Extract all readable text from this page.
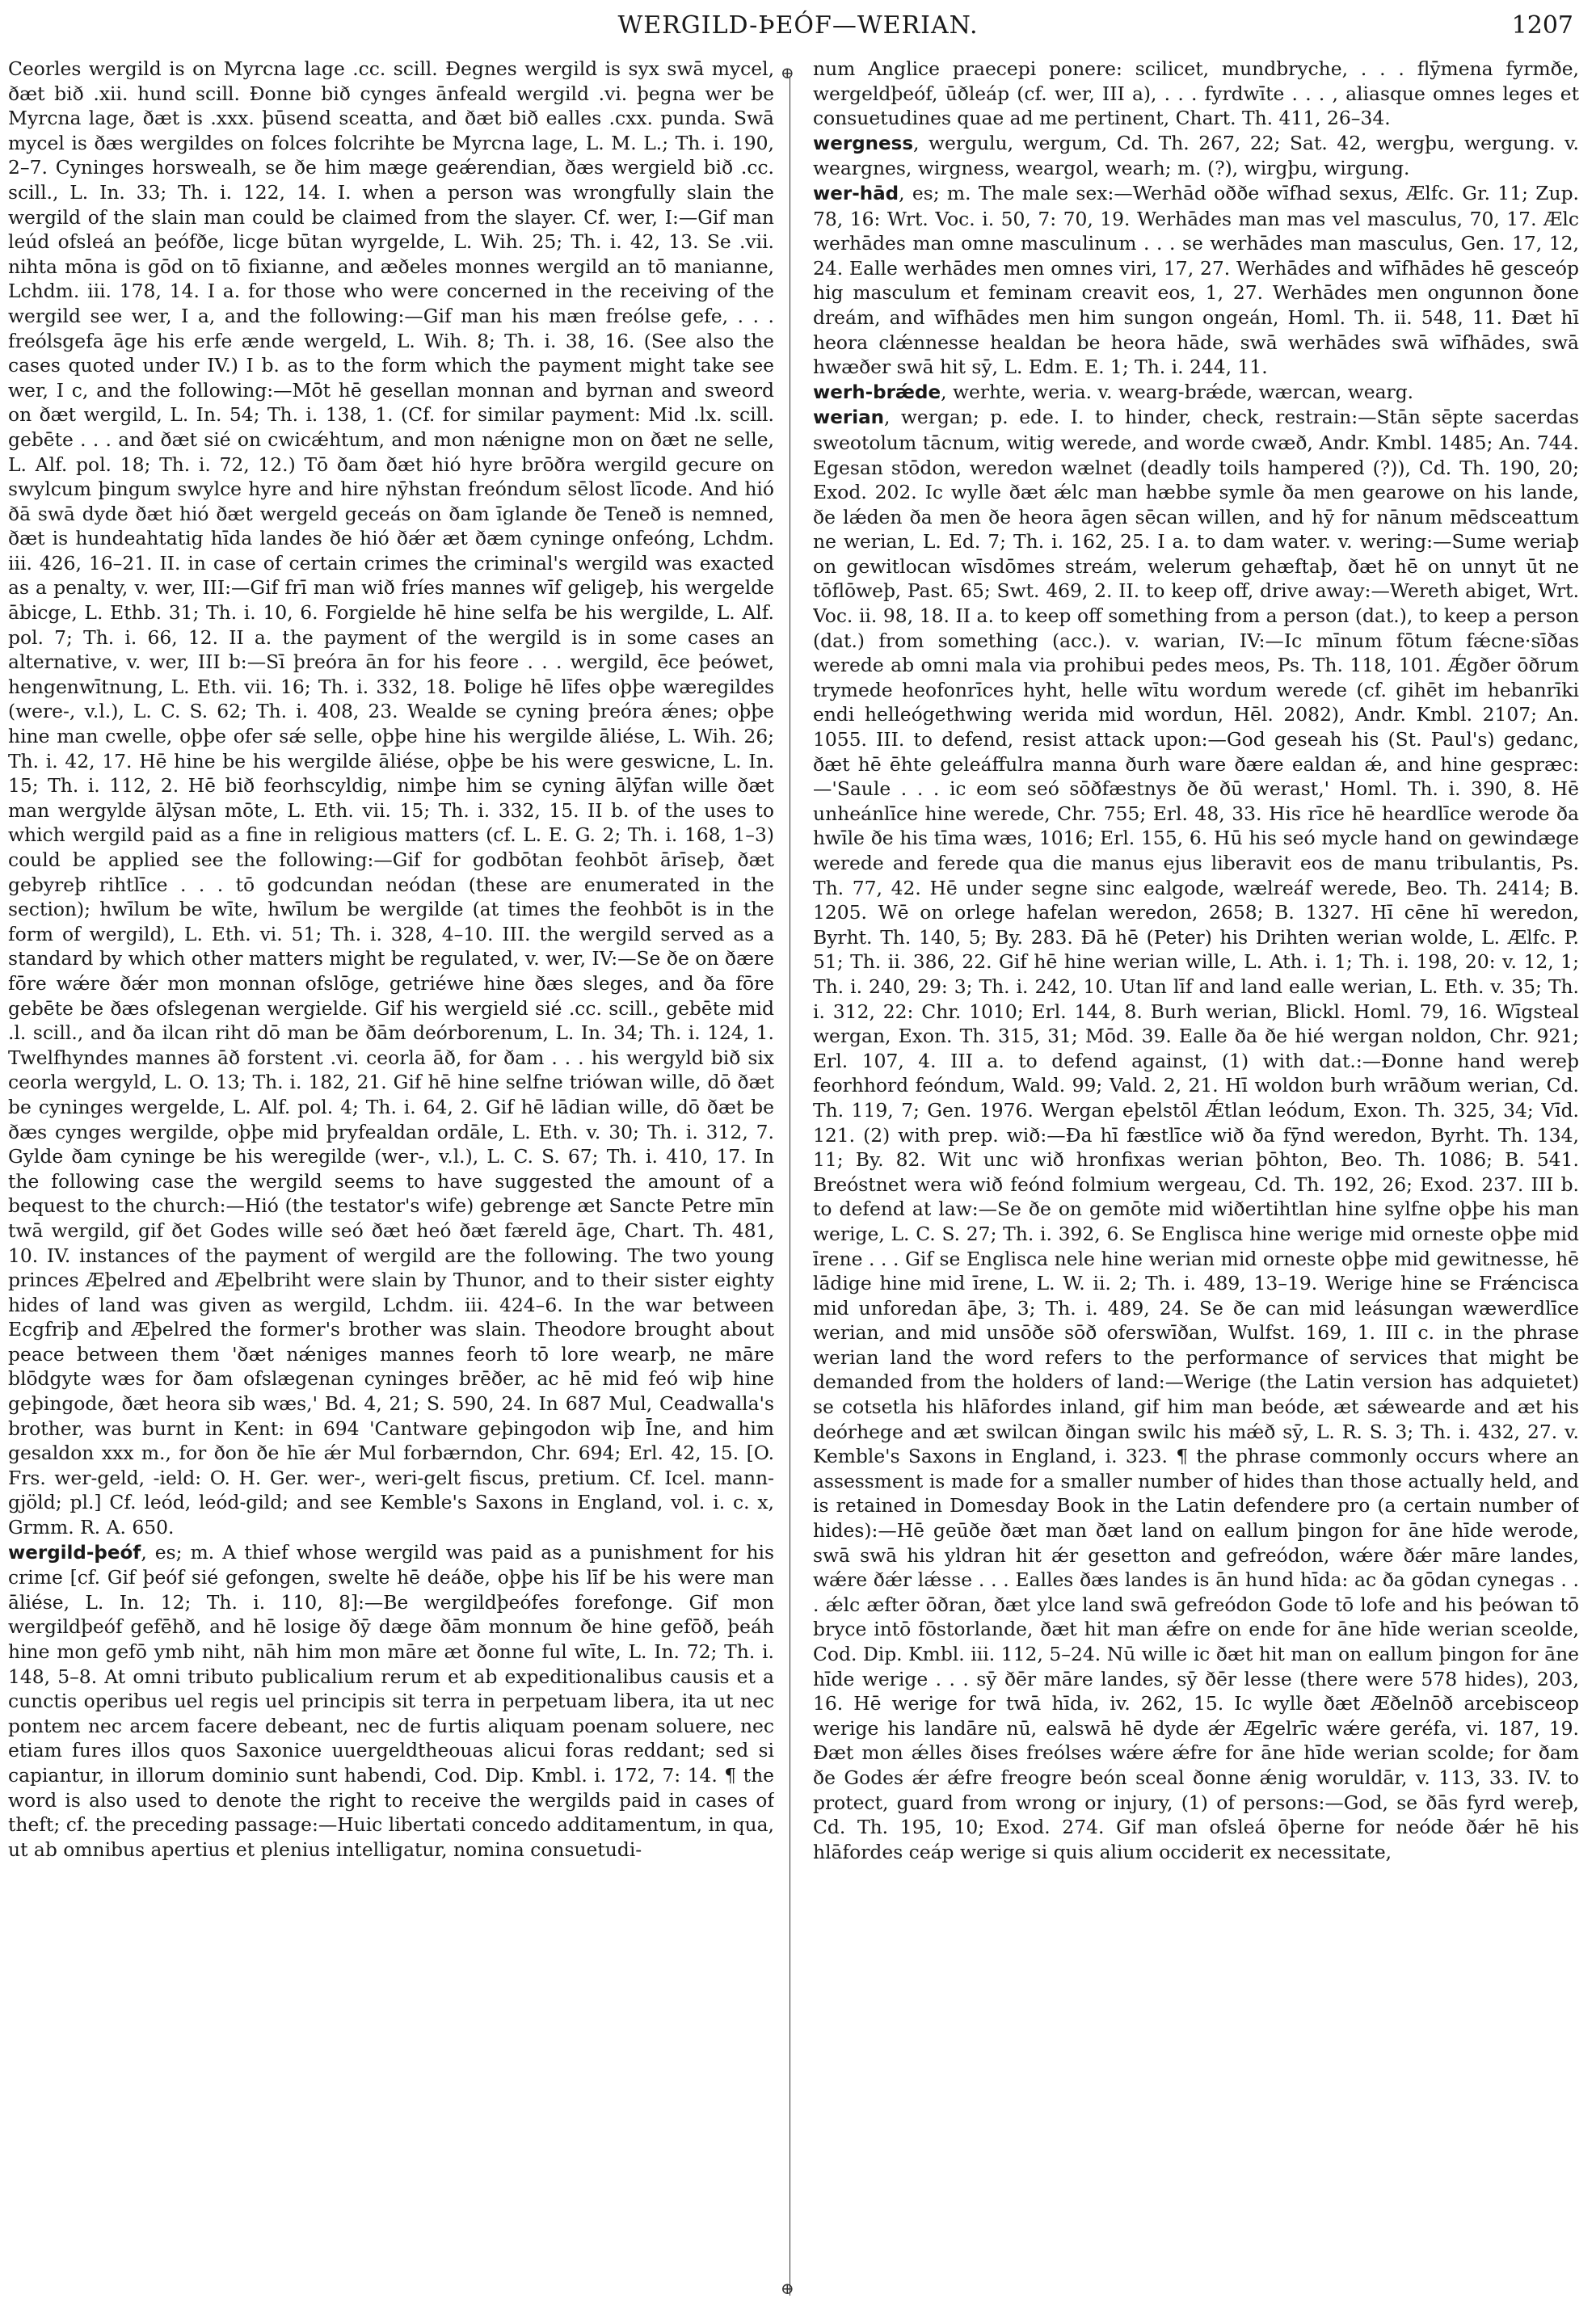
WERGILD-ÞEÓF—WERIAN.	1207

Ceorles wergild is on Myrcna lage .cc. scill. Ðegnes wergild is syx swā mycel, ðæt bið .xii. hund scill. Ðonne bið cynges ānfeald wergild .vi. þegna wer be Myrcna lage, ðæt is .xxx. þūsend sceatta, and ðæt bið ealles .cxx. punda. Swā mycel is ðæs wergildes on folces folcrihte be Myrcna lage, L. M. L.; Th. i. 190, 2–7. Cyninges horswealh, se ðe him mæge geǽrendian, ðæs wergield bið .cc. scill., L. In. 33; Th. i. 122, 14. I. when a person was wrongfully slain the wergild of the slain man could be claimed from the slayer. Cf. wer, I:—Gif man leúd ofsleá an þeófðe, licge būtan wyrgelde, L. Wih. 25; Th. i. 42, 13. Se .vii. nihta mōna is gōd on tō fixianne, and æðeles monnes wergild an tō manianne, Lchdm. iii. 178, 14. I a. for those who were concerned in the receiving of the wergild see wer, I a, and the following:—Gif man his mæn freólse gefe, . . . freólsgefa āge his erfe ænde wergeld, L. Wih. 8; Th. i. 38, 16. (See also the cases quoted under IV.) I b. as to the form which the payment might take see wer, I c, and the following:—Mōt hē gesellan monnan and byrnan and sweord on ðæt wergild, L. In. 54; Th. i. 138, 1. (Cf. for similar payment: Mid .lx. scill. gebēte . . . and ðæt sié on cwicǽhtum, and mon nǽnigne mon on ðæt ne selle, L. Alf. pol. 18; Th. i. 72, 12.) Tō ðam ðæt hió hyre brōðra wergild gecure on swylcum þingum swylce hyre and hire nȳhstan freóndum sēlost līcode. And hió ðā swā dyde ðæt hió ðæt wergeld geceás on ðam īglande ðe Teneð is nemned, ðæt is hundeahtatig hīda landes ðe hió ðǽr æt ðæm cyninge onfeóng, Lchdm. iii. 426, 16–21. II. in case of certain crimes the criminal's wergild was exacted as a penalty, v. wer, III:—Gif frī man wið fríes mannes wīf geligeþ, his wergelde ābicge, L. Ethb. 31; Th. i. 10, 6. Forgielde hē hine selfa be his wergilde, L. Alf. pol. 7; Th. i. 66, 12. II a. the payment of the wergild is in some cases an alternative, v. wer, III b:—Sī þreóra ān for his feore . . . wergild, ēce þeówet, hengenwītnung, L. Eth. vii. 16; Th. i. 332, 18. Þolige hē līfes oþþe wæregildes (were-, v.l.), L. C. S. 62; Th. i. 408, 23. Wealde se cyning þreóra ǽnes; oþþe hine man cwelle, oþþe ofer sǽ selle, oþþe hine his wergilde āliése, L. Wih. 26; Th. i. 42, 17. Hē hine be his wergilde āliése, oþþe be his were geswicne, L. In. 15; Th. i. 112, 2. Hē bið feorhscyldig, nimþe him se cyning ālȳfan wille ðæt man wergylde ālȳsan mōte, L. Eth. vii. 15; Th. i. 332, 15. II b. of the uses to which wergild paid as a fine in religious matters (cf. L. E. G. 2; Th. i. 168, 1–3) could be applied see the following:—Gif for godbōtan feohbōt ārīseþ, ðæt gebyreþ rihtlīce . . . tō godcundan neódan (these are enumerated in the section); hwīlum be wīte, hwīlum be wergilde (at times the feohbōt is in the form of wergild), L. Eth. vi. 51; Th. i. 328, 4–10. III. the wergild served as a standard by which other matters might be regulated, v. wer, IV:—Se ðe on ðære fōre wǽre ðǽr mon monnan ofslōge, getriéwe hine ðæs sleges, and ða fōre gebēte be ðæs ofslegenan wergielde. Gif his wergield sié .cc. scill., gebēte mid .l. scill., and ða ilcan riht dō man be ðām deórborenum, L. In. 34; Th. i. 124, 1. Twelfhyndes mannes āð forstent .vi. ceorla āð, for ðam . . . his wergyld bið six ceorla wergyld, L. O. 13; Th. i. 182, 21. Gif hē hine selfne triówan wille, dō ðæt be cyninges wergelde, L. Alf. pol. 4; Th. i. 64, 2. Gif hē lādian wille, dō ðæt be ðæs cynges wergilde, oþþe mid þryfealdan ordāle, L. Eth. v. 30; Th. i. 312, 7. Gylde ðam cyninge be his weregilde (wer-, v.l.), L. C. S. 67; Th. i. 410, 17. In the following case the wergild seems to have suggested the amount of a bequest to the church:—Hió (the testator's wife) gebrenge æt Sancte Petre mīn twā wergild, gif ðet Godes wille seó ðæt heó ðæt færeld āge, Chart. Th. 481, 10. IV. instances of the payment of wergild are the following. The two young princes Æþelred and Æþelbriht were slain by Thunor, and to their sister eighty hides of land was given as wergild, Lchdm. iii. 424–6. In the war between Ecgfriþ and Æþelred the former's brother was slain. Theodore brought about peace between them 'ðæt nǽniges mannes feorh tō lore wearþ, ne māre blōdgyte wæs for ðam ofslægenan cyninges brēðer, ac hē mid feó wiþ hine geþingode, ðæt heora sib wæs,' Bd. 4, 21; S. 590, 24. In 687 Mul, Ceadwalla's brother, was burnt in Kent: in 694 'Cantware geþingodon wiþ Īne, and him gesaldon xxx m., for ðon ðe hīe ǽr Mul forbærndon, Chr. 694; Erl. 42, 15. [O. Frs. wer-geld, -ield: O. H. Ger. wer-, weri-gelt fiscus, pretium. Cf. Icel. mann-gjöld; pl.] Cf. leód, leód-gild; and see Kemble's Saxons in England, vol. i. c. x, Grmm. R. A. 650.

wergild-þeóf, es; m. A thief whose wergild was paid as a punishment for his crime [cf. Gif þeóf sié gefongen, swelte hē deáðe, oþþe his līf be his were man āliése, L. In. 12; Th. i. 110, 8]:—Be wergildþeófes forefonge. Gif mon wergildþeóf gefēhð, and hē losige ðȳ dæge ðām monnum ðe hine gefōð, þeáh hine mon gefō ymb niht, nāh him mon māre æt ðonne ful wīte, L. In. 72; Th. i. 148, 5–8. At omni tributo publicalium rerum et ab expeditionalibus causis et a cunctis operibus uel regis uel principis sit terra in perpetuam libera, ita ut nec pontem nec arcem facere debeant, nec de furtis aliquam poenam soluere, nec etiam fures illos quos Saxonice uuergeldtheouas alicui foras reddant; sed si capiantur, in illorum dominio sunt habendi, Cod. Dip. Kmbl. i. 172, 7: 14. ¶ the word is also used to denote the right to receive the wergilds paid in cases of theft; cf. the preceding passage:—Huic libertati concedo additamentum, in qua, ut ab omnibus apertius et plenius intelligatur, nomina consuetudi-

⊕
⊕

num Anglice praecepi ponere: scilicet, mundbryche, . . . flȳmena fyrmðe, wergeldþeóf, ūðleáp (cf. wer, III a), . . . fyrdwīte . . . , aliasque omnes leges et consuetudines quae ad me pertinent, Chart. Th. 411, 26–34.

wergness, wergulu, wergum, Cd. Th. 267, 22; Sat. 42, wergþu, wergung. v. weargnes, wirgness, weargol, wearh; m. (?), wirgþu, wirgung.

wer-hād, es; m. The male sex:—Werhād oððe wīfhad sexus, Ælfc. Gr. 11; Zup. 78, 16: Wrt. Voc. i. 50, 7: 70, 19. Werhādes man mas vel masculus, 70, 17. Ælc werhādes man omne masculinum . . . se werhādes man masculus, Gen. 17, 12, 24. Ealle werhādes men omnes viri, 17, 27. Werhādes and wīfhādes hē gesceóp hig masculum et feminam creavit eos, 1, 27. Werhādes men ongunnon ðone dreám, and wīfhādes men him sungon ongeán, Homl. Th. ii. 548, 11. Ðæt hī heora clǽnnesse healdan be heora hāde, swā werhādes swā wīfhādes, swā hwæðer swā hit sȳ, L. Edm. E. 1; Th. i. 244, 11.

werh-brǽde, werhte, weria. v. wearg-brǽde, wærcan, wearg.

werian, wergan; p. ede. I. to hinder, check, restrain:—Stān sēpte sacerdas sweotolum tācnum, witig werede, and worde cwæð, Andr. Kmbl. 1485; An. 744. Egesan stōdon, weredon wælnet (deadly toils hampered (?)), Cd. Th. 190, 20; Exod. 202. Ic wylle ðæt ǽlc man hæbbe symle ða men gearowe on his lande, ðe lǽden ða men ðe heora āgen sēcan willen, and hȳ for nānum mēdsceattum ne werian, L. Ed. 7; Th. i. 162, 25. I a. to dam water. v. wering:—Sume weriaþ on gewitlocan wīsdōmes streám, welerum gehæftaþ, ðæt hē on unnyt ūt ne tōflōweþ, Past. 65; Swt. 469, 2. II. to keep off, drive away:—Wereth abiget, Wrt. Voc. ii. 98, 18. II a. to keep off something from a person (dat.), to keep a person (dat.) from something (acc.). v. warian, IV:—Ic mīnum fōtum fǽcne·sīðas werede ab omni mala via prohibui pedes meos, Ps. Th. 118, 101. Ǽgðer ōðrum trymede heofonrīces hyht, helle wītu wordum werede (cf. gihēt im hebanrīki endi helleógethwing werida mid wordun, Hēl. 2082), Andr. Kmbl. 2107; An. 1055. III. to defend, resist attack upon:—God geseah his (St. Paul's) gedanc, ðæt hē ēhte geleáffulra manna ðurh ware ðære ealdan ǽ, and hine gespræc:—'Saule . . . ic eom seó sōðfæstnys ðe ðū werast,' Homl. Th. i. 390, 8. Hē unheánlīce hine werede, Chr. 755; Erl. 48, 33. His rīce hē heardlīce werode ða hwīle ðe his tīma wæs, 1016; Erl. 155, 6. Hū his seó mycle hand on gewindæge werede and ferede qua die manus ejus liberavit eos de manu tribulantis, Ps. Th. 77, 42. Hē under segne sinc ealgode, wælreáf werede, Beo. Th. 2414; B. 1205. Wē on orlege hafelan weredon, 2658; B. 1327. Hī cēne hī weredon, Byrht. Th. 140, 5; By. 283. Ðā hē (Peter) his Drihten werian wolde, L. Ælfc. P. 51; Th. ii. 386, 22. Gif hē hine werian wille, L. Ath. i. 1; Th. i. 198, 20: v. 12, 1; Th. i. 240, 29: 3; Th. i. 242, 10. Utan līf and land ealle werian, L. Eth. v. 35; Th. i. 312, 22: Chr. 1010; Erl. 144, 8. Burh werian, Blickl. Homl. 79, 16. Wīgsteal wergan, Exon. Th. 315, 31; Mōd. 39. Ealle ða ðe hié wergan noldon, Chr. 921; Erl. 107, 4. III a. to defend against, (1) with dat.:—Ðonne hand wereþ feorhhord feóndum, Wald. 99; Vald. 2, 21. Hī woldon burh wrāðum werian, Cd. Th. 119, 7; Gen. 1976. Wergan eþelstōl Ǽtlan leódum, Exon. Th. 325, 34; Vīd. 121. (2) with prep. wið:—Ða hī fæstlīce wið ða fȳnd weredon, Byrht. Th. 134, 11; By. 82. Wit unc wið hronfixas werian þōhton, Beo. Th. 1086; B. 541. Breóstnet wera wið feónd folmium wergeau, Cd. Th. 192, 26; Exod. 237. III b. to defend at law:—Se ðe on gemōte mid wiðertihtlan hine sylfne oþþe his man werige, L. C. S. 27; Th. i. 392, 6. Se Englisca hine werige mid orneste oþþe mid īrene . . . Gif se Englisca nele hine werian mid orneste oþþe mid gewitnesse, hē lādige hine mid īrene, L. W. ii. 2; Th. i. 489, 13–19. Werige hine se Frǽncisca mid unforedan āþe, 3; Th. i. 489, 24. Se ðe can mid leásungan wæwerdlīce werian, and mid unsōðe sōð oferswīðan, Wulfst. 169, 1. III c. in the phrase werian land the word refers to the performance of services that might be demanded from the holders of land:—Werige (the Latin version has adquietet) se cotsetla his hlāfordes inland, gif him man beóde, æt sǽwearde and æt his deórhege and æt swilcan ðingan swilc his mǽð sȳ, L. R. S. 3; Th. i. 432, 27. v. Kemble's Saxons in England, i. 323. ¶ the phrase commonly occurs where an assessment is made for a smaller number of hides than those actually held, and is retained in Domesday Book in the Latin defendere pro (a certain number of hides):—Hē geūðe ðæt man ðæt land on eallum þingon for āne hīde werode, swā swā his yldran hit ǽr gesetton and gefreódon, wǽre ðǽr māre landes, wǽre ðǽr lǽsse . . . Ealles ðæs landes is ān hund hīda: ac ða gōdan cynegas . . . ǽlc æfter ōðran, ðæt ylce land swā gefreódon Gode tō lofe and his þeówan tō bryce intō fōstorlande, ðæt hit man ǽfre on ende for āne hīde werian sceolde, Cod. Dip. Kmbl. iii. 112, 5–24. Nū wille ic ðæt hit man on eallum þingon for āne hīde werige . . . sȳ ðēr māre landes, sȳ ðēr lesse (there were 578 hides), 203, 16. Hē werige for twā hīda, iv. 262, 15. Ic wylle ðæt Æðelnōð arcebisceop werige his landāre nū, ealswā hē dyde ǽr Ægelrīc wǽre geréfa, vi. 187, 19. Ðæt mon ǽlles ðises freólses wǽre ǽfre for āne hīde werian scolde; for ðam ðe Godes ǽr ǽfre freogre beón sceal ðonne ǽnig woruldār, v. 113, 33. IV. to protect, guard from wrong or injury, (1) of persons:—God, se ðās fyrd wereþ, Cd. Th. 195, 10; Exod. 274. Gif man ofsleá ōþerne for neóde ðǽr hē his hlāfordes ceáp werige si quis alium occiderit ex necessitate,
